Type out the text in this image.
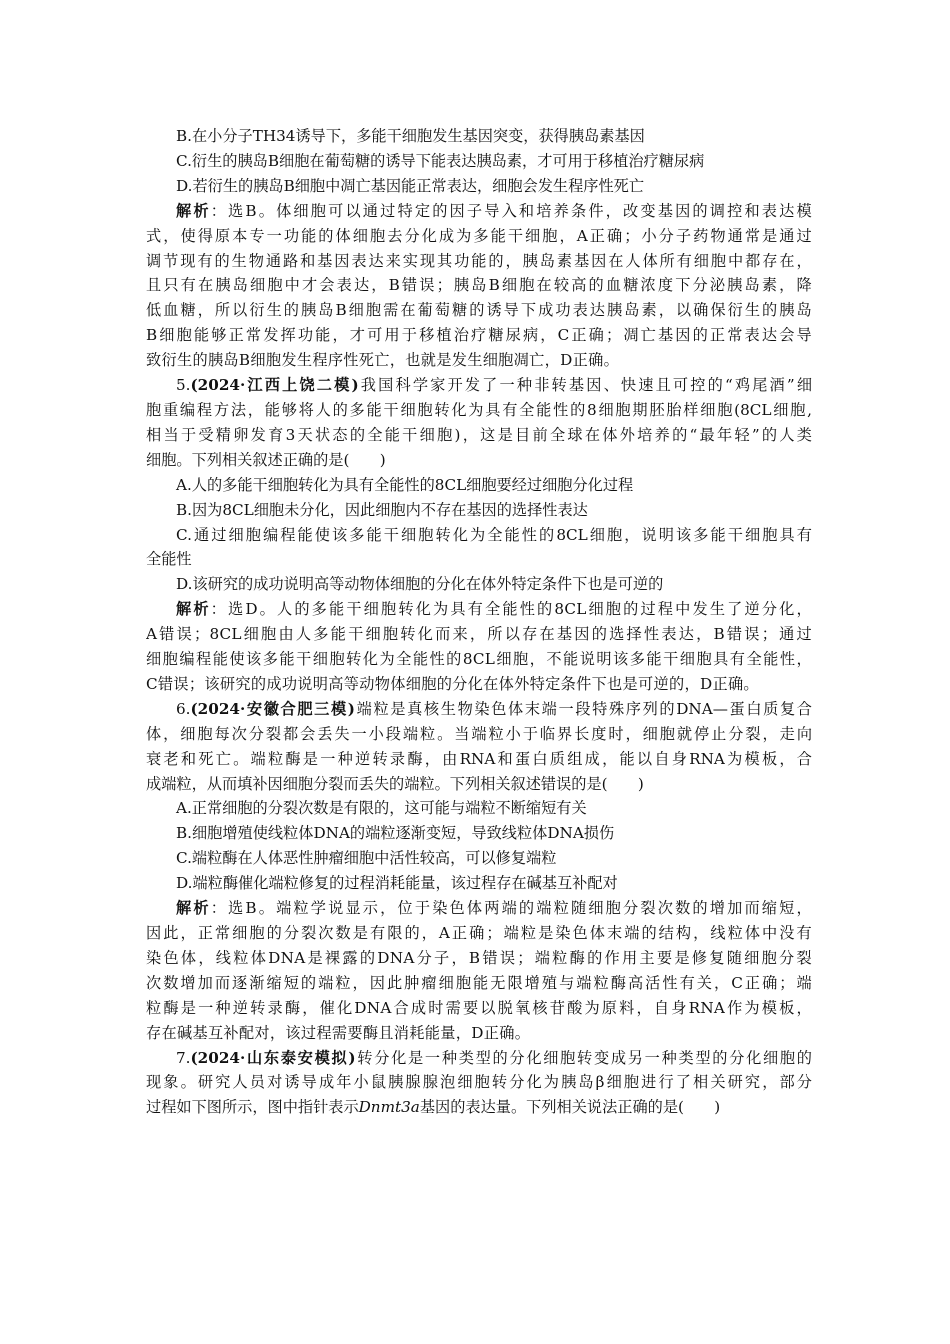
B.在小分子TH34诱导下，多能干细胞发生基因突变，获得胰岛素基因
C.衍生的胰岛B细胞在葡萄糖的诱导下能表达胰岛素，才可用于移植治疗糖尿病
D.若衍生的胰岛B细胞中凋亡基因能正常表达，细胞会发生程序性死亡
解析：选B。体细胞可以通过特定的因子导入和培养条件，改变基因的调控和表达模
式，使得原本专一功能的体细胞去分化成为多能干细胞，A正确；小分子药物通常是通过
调节现有的生物通路和基因表达来实现其功能的，胰岛素基因在人体所有细胞中都存在，
且只有在胰岛细胞中才会表达，B错误；胰岛B细胞在较高的血糖浓度下分泌胰岛素，降
低血糖，所以衍生的胰岛B细胞需在葡萄糖的诱导下成功表达胰岛素，以确保衍生的胰岛
B细胞能够正常发挥功能，才可用于移植治疗糖尿病，C正确；凋亡基因的正常表达会导
致衍生的胰岛B细胞发生程序性死亡，也就是发生细胞凋亡，D正确。
5.(2024·江西上饶二模)我国科学家开发了一种非转基因、快速且可控的“鸡尾酒”细
胞重编程方法，能够将人的多能干细胞转化为具有全能性的8细胞期胚胎样细胞(8CL细胞,
相当于受精卵发育3天状态的全能干细胞)，这是目前全球在体外培养的“最年轻”的人类
细胞。下列相关叙述正确的是(　　)
A.人的多能干细胞转化为具有全能性的8CL细胞要经过细胞分化过程
B.因为8CL细胞未分化，因此细胞内不存在基因的选择性表达
C.通过细胞编程能使该多能干细胞转化为全能性的8CL细胞，说明该多能干细胞具有
全能性
D.该研究的成功说明高等动物体细胞的分化在体外特定条件下也是可逆的
解析：选D。人的多能干细胞转化为具有全能性的8CL细胞的过程中发生了逆分化，
A错误；8CL细胞由人多能干细胞转化而来，所以存在基因的选择性表达，B错误；通过
细胞编程能使该多能干细胞转化为全能性的8CL细胞，不能说明该多能干细胞具有全能性，
C错误；该研究的成功说明高等动物体细胞的分化在体外特定条件下也是可逆的，D正确。
6.(2024·安徽合肥三模)端粒是真核生物染色体末端一段特殊序列的DNA—蛋白质复合
体，细胞每次分裂都会丢失一小段端粒。当端粒小于临界长度时，细胞就停止分裂，走向
衰老和死亡。端粒酶是一种逆转录酶，由RNA和蛋白质组成，能以自身RNA为模板，合
成端粒，从而填补因细胞分裂而丢失的端粒。下列相关叙述错误的是(　　)
A.正常细胞的分裂次数是有限的，这可能与端粒不断缩短有关
B.细胞增殖使线粒体DNA的端粒逐渐变短，导致线粒体DNA损伤
C.端粒酶在人体恶性肿瘤细胞中活性较高，可以修复端粒
D.端粒酶催化端粒修复的过程消耗能量，该过程存在碱基互补配对
解析：选B。端粒学说显示，位于染色体两端的端粒随细胞分裂次数的增加而缩短，
因此，正常细胞的分裂次数是有限的，A正确；端粒是染色体末端的结构，线粒体中没有
染色体，线粒体DNA是裸露的DNA分子，B错误；端粒酶的作用主要是修复随细胞分裂
次数增加而逐渐缩短的端粒，因此肿瘤细胞能无限增殖与端粒酶高活性有关，C正确；端
粒酶是一种逆转录酶，催化DNA合成时需要以脱氧核苷酸为原料，自身RNA作为模板，
存在碱基互补配对，该过程需要酶且消耗能量，D正确。
7.(2024·山东泰安模拟)转分化是一种类型的分化细胞转变成另一种类型的分化细胞的
现象。研究人员对诱导成年小鼠胰腺腺泡细胞转分化为胰岛β细胞进行了相关研究，部分
过程如下图所示，图中指针表示Dnmt3a基因的表达量。下列相关说法正确的是(　　)
